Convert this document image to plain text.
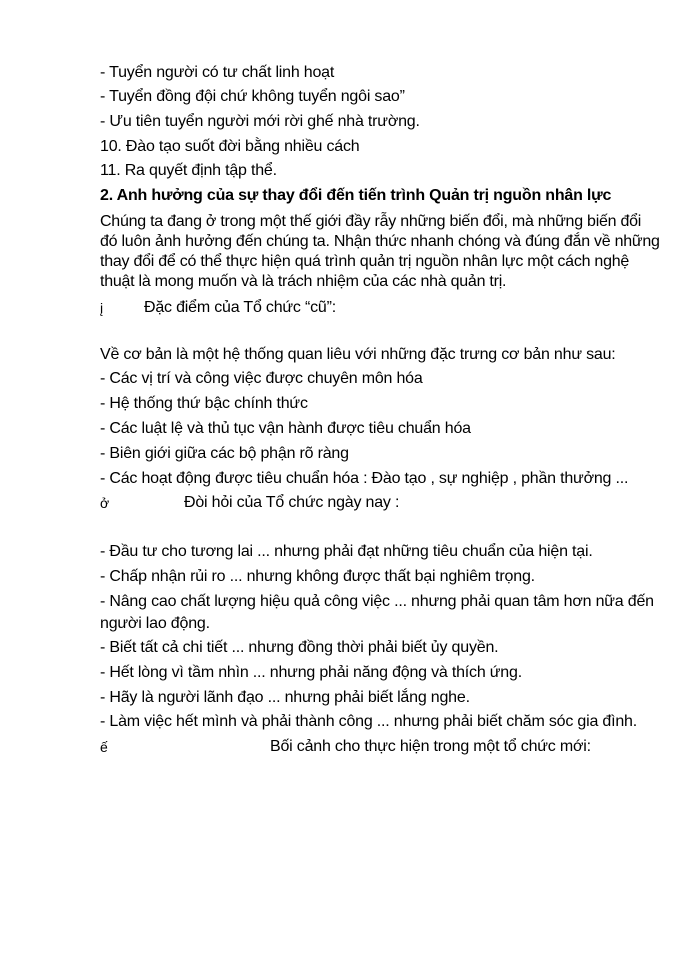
- Tuyển người có tư chất linh hoạt
- Tuyển đồng đội chứ không tuyển ngôi sao”
- Ưu tiên tuyển người mới rời ghế nhà trường.
10. Đào tạo suốt đời bằng nhiều cách
11. Ra quyết định tập thể.
2. Anh hưởng của sự thay đổi đến tiến trình Quản trị nguồn nhân lực
Chúng ta đang ở trong một thế giới đầy rẫy những biến đổi, mà những biến đổi
đó luôn ảnh hưởng đến chúng ta. Nhận thức nhanh chóng và đúng đắn về những
thay đổi để có thể thực hiện quá trình quản trị nguồn nhân lực một cách nghệ
thuật là mong muốn và là trách nhiệm của các nhà quản trị.
į	Đặc điểm của Tổ chức “cũ”:
Về cơ bản là một hệ thống quan liêu với những đặc trưng cơ bản như sau:
- Các vị trí và công việc được chuyên môn hóa
- Hệ thống thứ bậc chính thức
- Các luật lệ và thủ tục vận hành được tiêu chuẩn hóa
- Biên giới giữa các bộ phận rõ ràng
- Các hoạt động được tiêu chuẩn hóa : Đào tạo , sự nghiệp , phần thưởng ...
ở	Đòi hỏi của Tổ chức ngày nay :
- Đầu tư cho tương lai ... nhưng phải đạt những tiêu chuẩn của hiện tại.
- Chấp nhận rủi ro ... nhưng không được thất bại nghiêm trọng.
- Nâng cao chất lượng hiệu quả công việc ... nhưng phải quan tâm hơn nữa đến
người lao động.
- Biết tất cả chi tiết ... nhưng đồng thời phải biết ủy quyền.
- Hết lòng vì tầm nhìn ... nhưng phải năng động và thích ứng.
- Hãy là người lãnh đạo ... nhưng phải biết lắng nghe.
- Làm việc hết mình và phải thành công ... nhưng phải biết chăm sóc gia đình.
ế	Bối cảnh cho thực hiện trong một tổ chức mới:
